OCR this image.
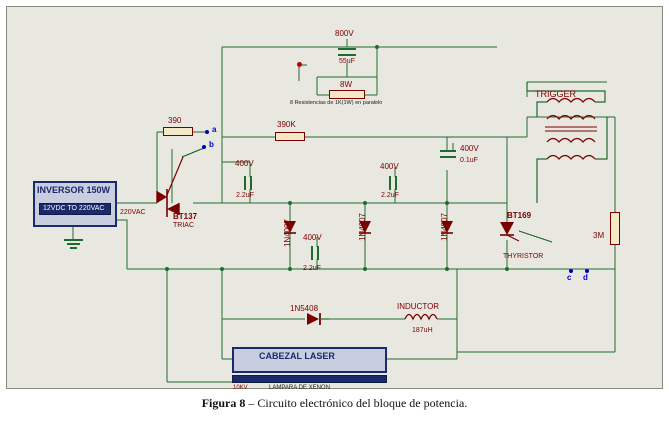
INVERSOR 150W
12VDC TO 220VAC
220VAC
390	390K
3M
BT137
TRIAC
BT169
THYRISTOR
1N4007	1N4007	1N4007
1N5408	INDUCTOR
187uH
800V
55uF
400V
2.2uF
400V
2.2uF
400V
2.2uF
400V
0.1uF
8W
8 Resistencias de 1K(1W) en paralelo
TRIGGER
a
b
c d
CABEZAL LASER
LAMPARA DE XENON
10KV
Figura 8 – Circuito electrónico del bloque de potencia.
